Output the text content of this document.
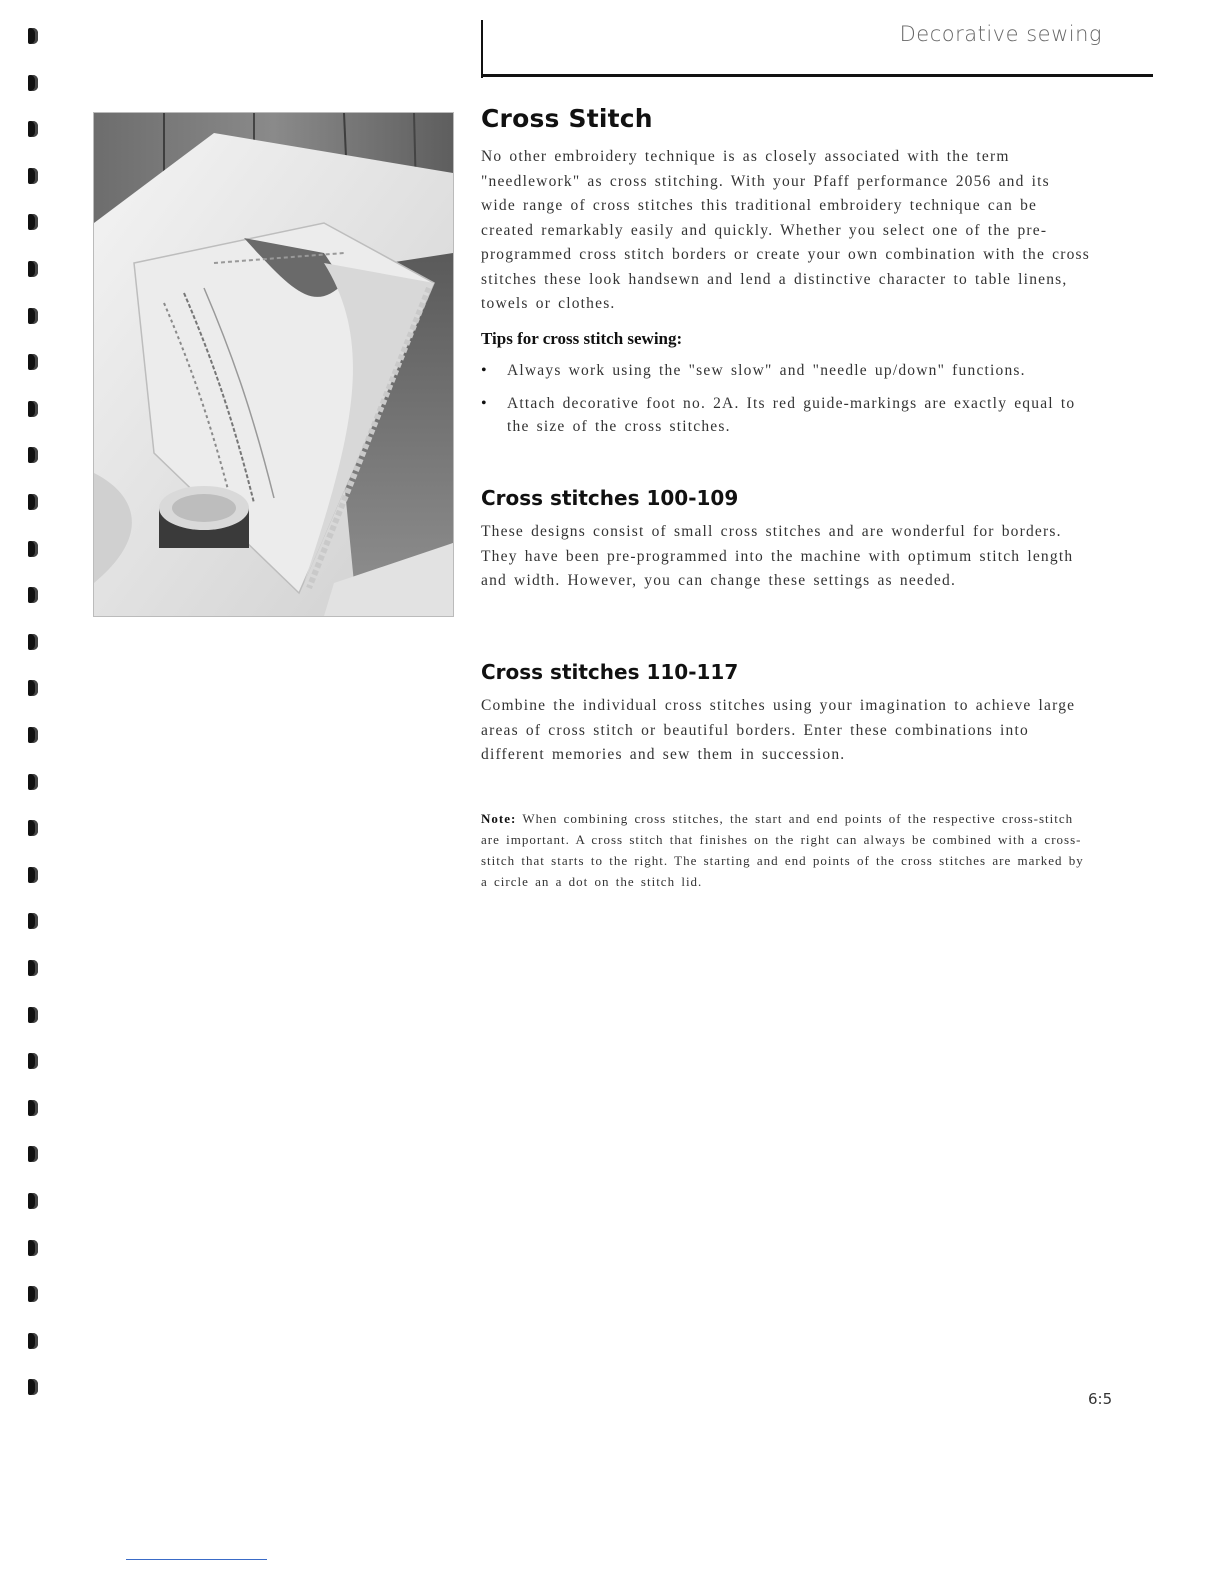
Decorative sewing
Cross Stitch

No other embroidery technique is as closely associated with the term "needlework" as cross stitching. With your Pfaff performance 2056 and its wide range of cross stitches this traditional embroidery technique can be created remarkably easily and quickly. Whether you select one of the pre-programmed cross stitch borders or create your own combination with the cross stitches these look handsewn and lend a distinctive character to table linens, towels or clothes.

Tips for cross stitch sewing:

• Always work using the "sew slow" and "needle up/down" functions.
• Attach decorative foot no. 2A. Its red guide-markings are exactly equal to the size of the cross stitches.
Cross stitches 100-109

These designs consist of small cross stitches and are wonderful for borders. They have been pre-programmed into the machine with optimum stitch length and width. However, you can change these settings as needed.

Cross stitches 110-117

Combine the individual cross stitches using your imagination to achieve large areas of cross stitch or beautiful borders. Enter these combinations into different memories and sew them in succession.

Note: When combining cross stitches, the start and end points of the respective cross-stitch are important. A cross stitch that finishes on the right can always be combined with a cross-stitch that starts to the right. The starting and end points of the cross stitches are marked by a circle an a dot on the stitch lid.

6:5
